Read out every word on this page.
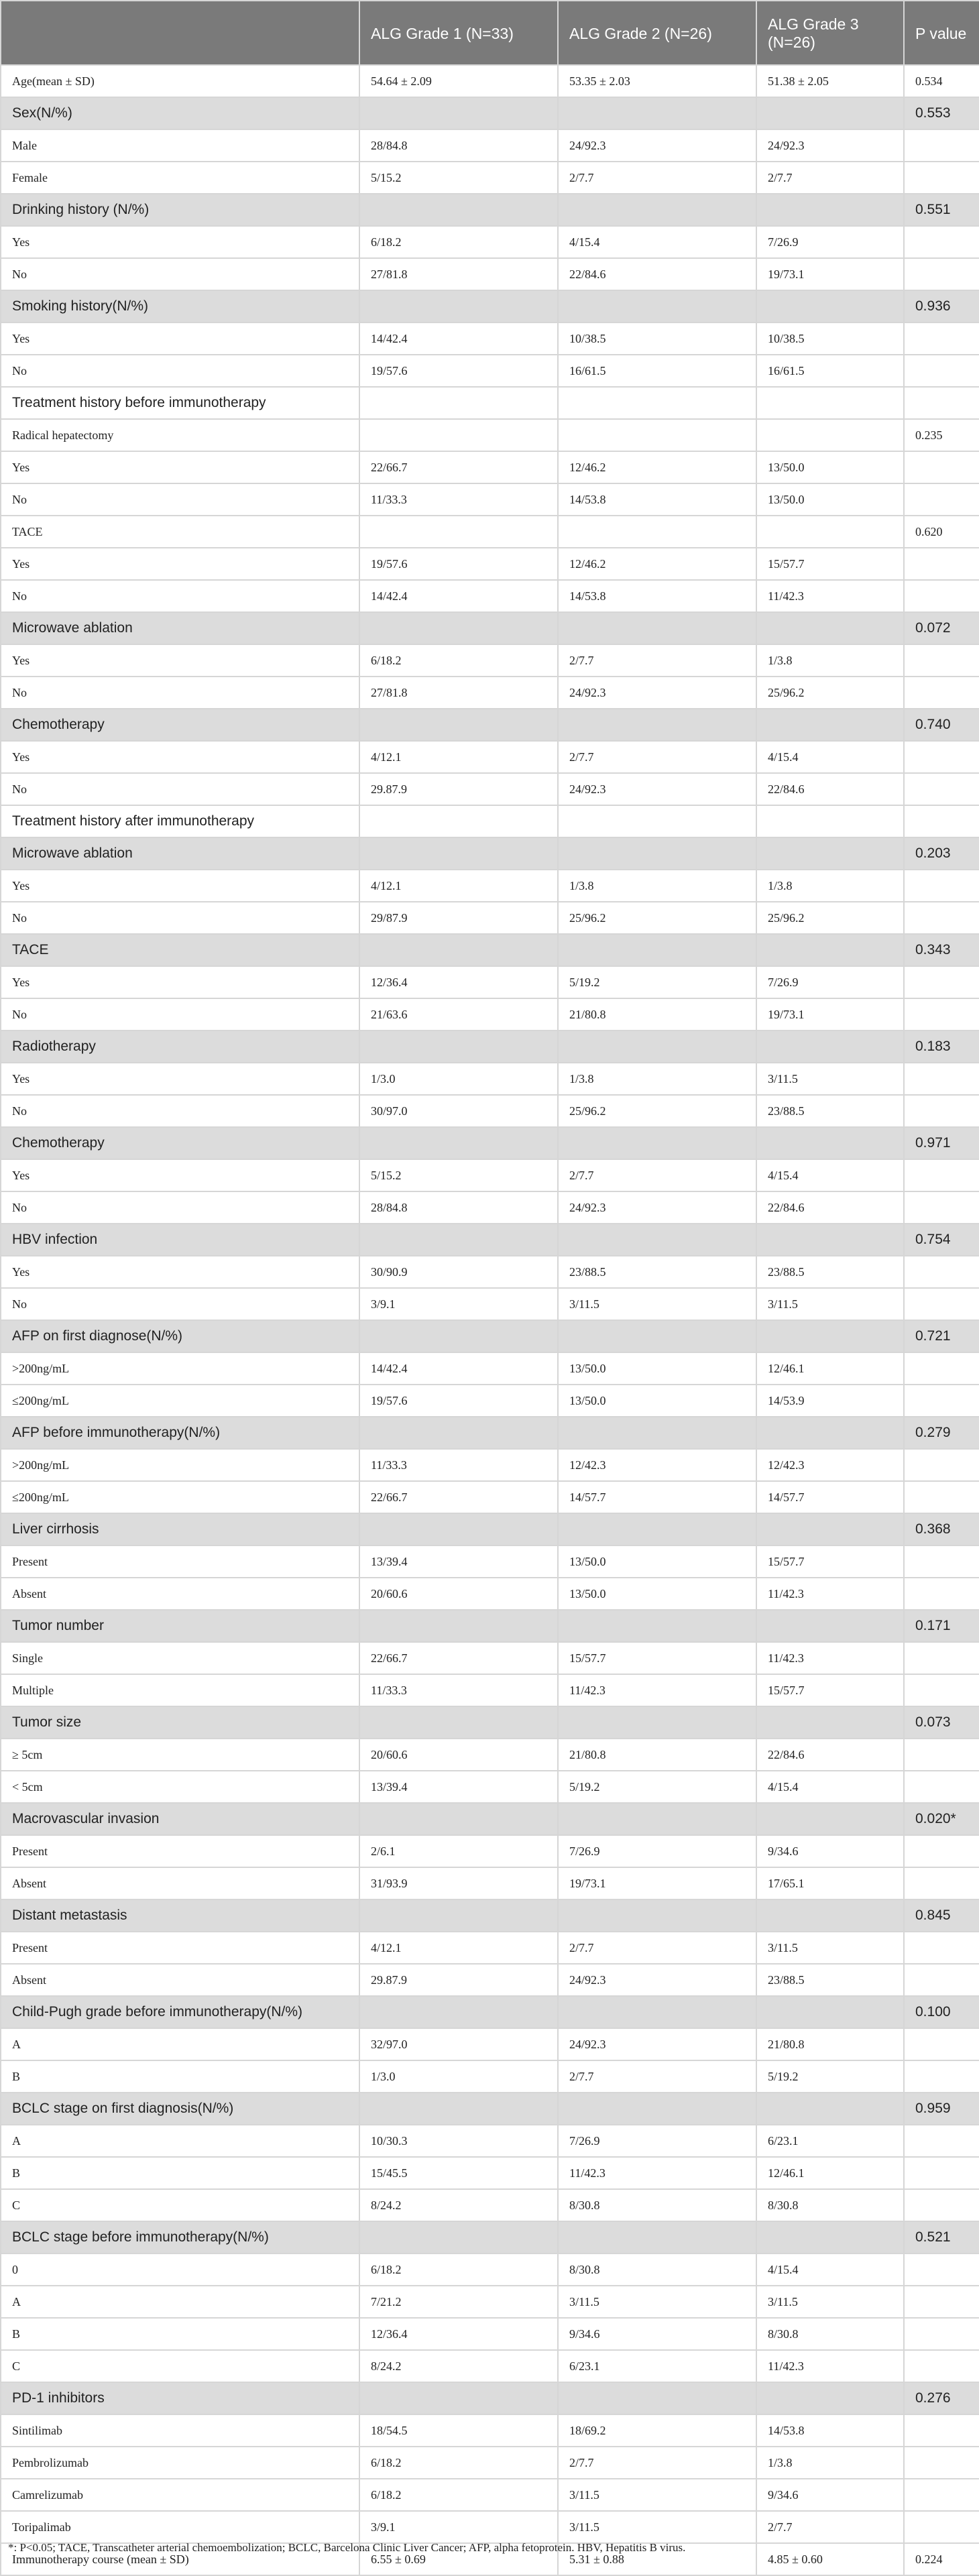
	ALG Grade 1 (N=33)	ALG Grade 2 (N=26)	ALG Grade 3 (N=26)	P value
Age(mean ± SD)	54.64 ± 2.09	53.35 ± 2.03	51.38 ± 2.05	0.534
Sex(N/%)				0.553
Male	28/84.8	24/92.3	24/92.3	
Female	5/15.2	2/7.7	2/7.7	
Drinking history (N/%)				0.551
Yes	6/18.2	4/15.4	7/26.9	
No	27/81.8	22/84.6	19/73.1	
Smoking history(N/%)				0.936
Yes	14/42.4	10/38.5	10/38.5	
No	19/57.6	16/61.5	16/61.5	
Treatment history before immunotherapy				
Radical hepatectomy				0.235
Yes	22/66.7	12/46.2	13/50.0	
No	11/33.3	14/53.8	13/50.0	
TACE				0.620
Yes	19/57.6	12/46.2	15/57.7	
No	14/42.4	14/53.8	11/42.3	
Microwave ablation				0.072
Yes	6/18.2	2/7.7	1/3.8	
No	27/81.8	24/92.3	25/96.2	
Chemotherapy				0.740
Yes	4/12.1	2/7.7	4/15.4	
No	29.87.9	24/92.3	22/84.6	
Treatment history after immunotherapy				
Microwave ablation				0.203
Yes	4/12.1	1/3.8	1/3.8	
No	29/87.9	25/96.2	25/96.2	
TACE				0.343
Yes	12/36.4	5/19.2	7/26.9	
No	21/63.6	21/80.8	19/73.1	
Radiotherapy				0.183
Yes	1/3.0	1/3.8	3/11.5	
No	30/97.0	25/96.2	23/88.5	
Chemotherapy				0.971
Yes	5/15.2	2/7.7	4/15.4	
No	28/84.8	24/92.3	22/84.6	
HBV infection				0.754
Yes	30/90.9	23/88.5	23/88.5	
No	3/9.1	3/11.5	3/11.5	
AFP on first diagnose(N/%)				0.721
>200ng/mL	14/42.4	13/50.0	12/46.1	
≤200ng/mL	19/57.6	13/50.0	14/53.9	
AFP before immunotherapy(N/%)				0.279
>200ng/mL	11/33.3	12/42.3	12/42.3	
≤200ng/mL	22/66.7	14/57.7	14/57.7	
Liver cirrhosis				0.368
Present	13/39.4	13/50.0	15/57.7	
Absent	20/60.6	13/50.0	11/42.3	
Tumor number				0.171
Single	22/66.7	15/57.7	11/42.3	
Multiple	11/33.3	11/42.3	15/57.7	
Tumor size				0.073
≥ 5cm	20/60.6	21/80.8	22/84.6	
< 5cm	13/39.4	5/19.2	4/15.4	
Macrovascular invasion				0.020*
Present	2/6.1	7/26.9	9/34.6	
Absent	31/93.9	19/73.1	17/65.1	
Distant metastasis				0.845
Present	4/12.1	2/7.7	3/11.5	
Absent	29.87.9	24/92.3	23/88.5	
Child-Pugh grade before immunotherapy(N/%)				0.100
A	32/97.0	24/92.3	21/80.8	
B	1/3.0	2/7.7	5/19.2	
BCLC stage on first diagnosis(N/%)				0.959
A	10/30.3	7/26.9	6/23.1	
B	15/45.5	11/42.3	12/46.1	
C	8/24.2	8/30.8	8/30.8	
BCLC stage before immunotherapy(N/%)				0.521
0	6/18.2	8/30.8	4/15.4	
A	7/21.2	3/11.5	3/11.5	
B	12/36.4	9/34.6	8/30.8	
C	8/24.2	6/23.1	11/42.3	
PD-1 inhibitors				0.276
Sintilimab	18/54.5	18/69.2	14/53.8	
Pembrolizumab	6/18.2	2/7.7	1/3.8	
Camrelizumab	6/18.2	3/11.5	9/34.6	
Toripalimab	3/9.1	3/11.5	2/7.7	
Immunotherapy course (mean ± SD)	6.55 ± 0.69	5.31 ± 0.88	4.85 ± 0.60	0.224
*: P<0.05; TACE, Transcatheter arterial chemoembolization; BCLC, Barcelona Clinic Liver Cancer; AFP, alpha fetoprotein. HBV, Hepatitis B virus.
